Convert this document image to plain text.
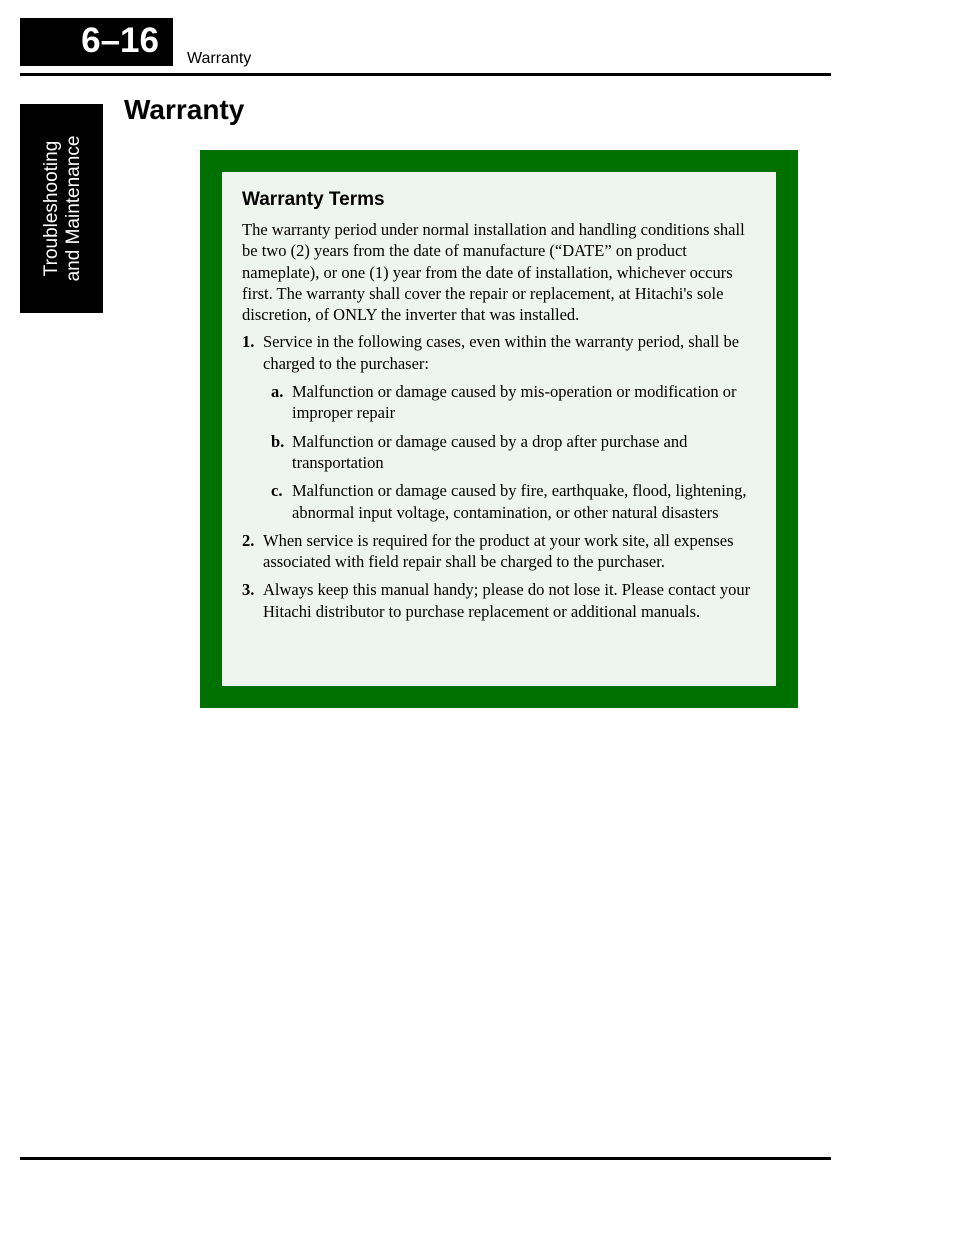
6–16	Warranty
Troubleshooting and Maintenance
Warranty
Warranty Terms

The warranty period under normal installation and handling conditions shall be two (2) years from the date of manufacture (“DATE” on product nameplate), or one (1) year from the date of installation, whichever occurs first. The warranty shall cover the repair or replacement, at Hitachi's sole discretion, of ONLY the inverter that was installed.

1. Service in the following cases, even within the warranty period, shall be charged to the purchaser:
a. Malfunction or damage caused by mis-operation or modification or improper repair
b. Malfunction or damage caused by a drop after purchase and transportation
c. Malfunction or damage caused by fire, earthquake, flood, lightening, abnormal input voltage, contamination, or other natural disasters
2. When service is required for the product at your work site, all expenses associated with field repair shall be charged to the purchaser.
3. Always keep this manual handy; please do not lose it. Please contact your Hitachi distributor to purchase replacement or additional manuals.
